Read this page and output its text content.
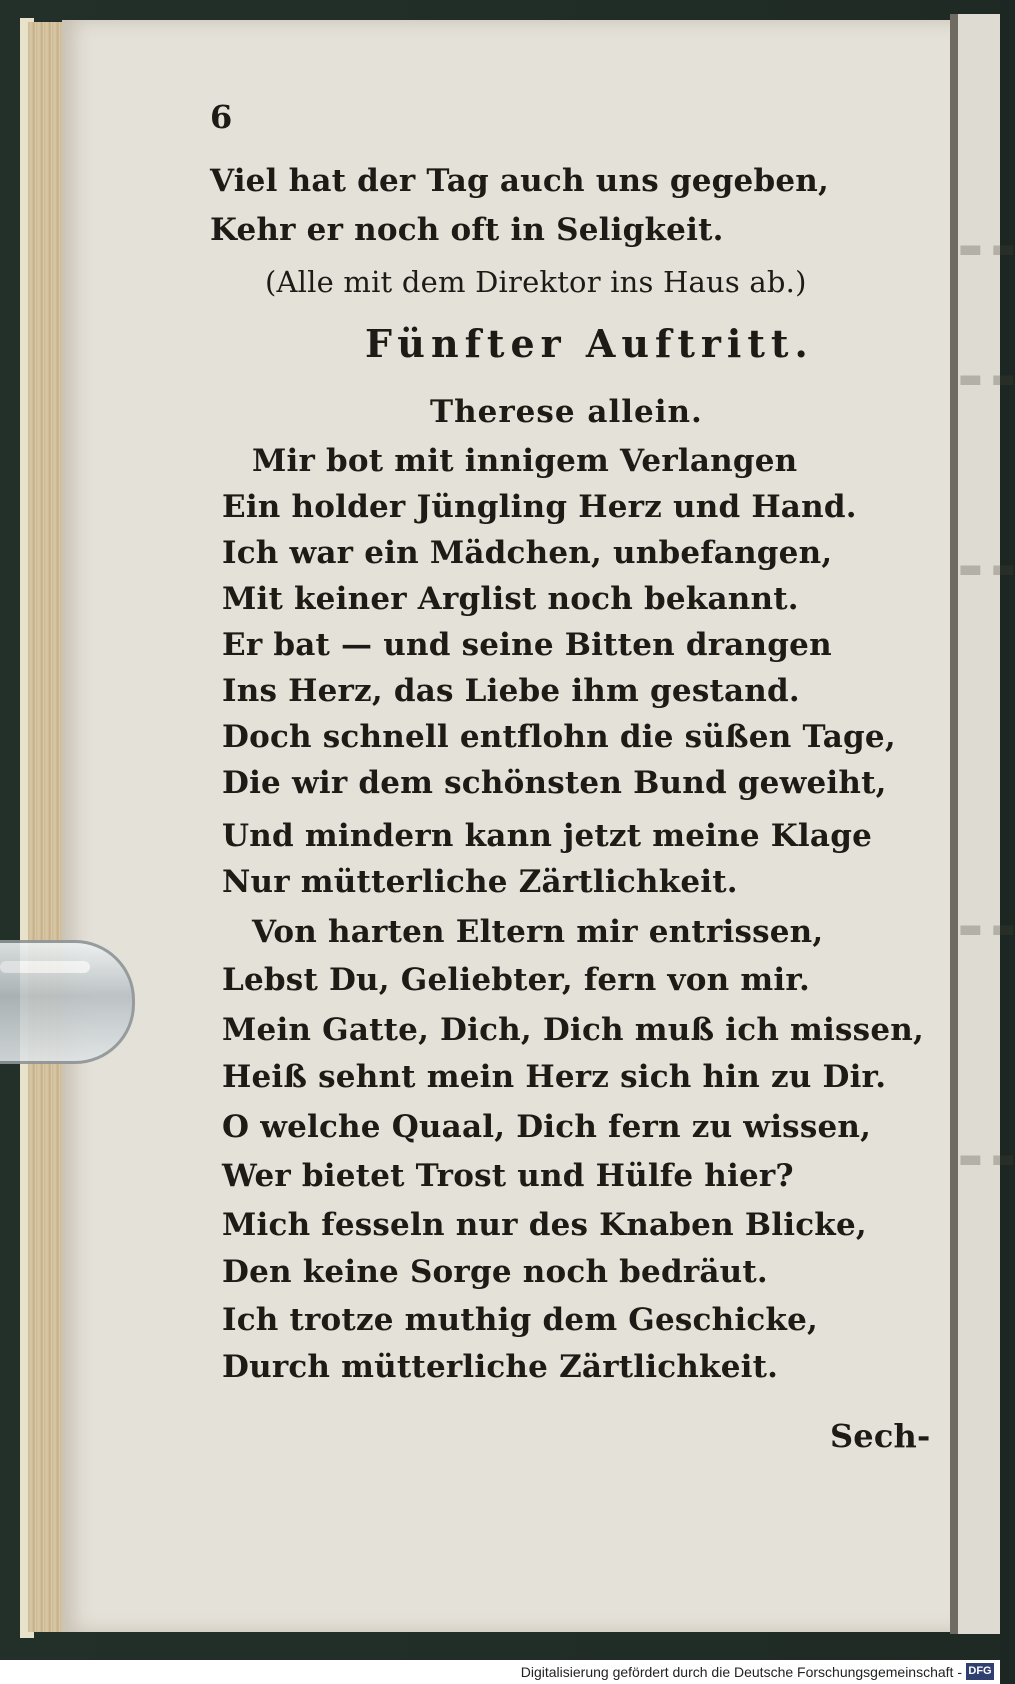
▬ ▬
▬ ▬
▬ ▬
▬ ▬
▬ ▬

6

Viel hat der Tag auch uns gegeben,

Kehr er noch oft in Seligkeit.

(Alle mit dem Direktor ins Haus ab.)

Fünfter Auftritt.

Therese allein.

Mir bot mit innigem Verlangen

Ein holder Jüngling Herz und Hand.

Ich war ein Mädchen, unbefangen,

Mit keiner Arglist noch bekannt.

Er bat — und seine Bitten drangen

Ins Herz, das Liebe ihm gestand.

Doch schnell entflohn die süßen Tage,

Die wir dem schönsten Bund geweiht,

Und mindern kann jetzt meine Klage

Nur mütterliche Zärtlichkeit.

Von harten Eltern mir entrissen,

Lebst Du, Geliebter, fern von mir.

Mein Gatte, Dich, Dich muß ich missen,

Heiß sehnt mein Herz sich hin zu Dir.

O welche Quaal, Dich fern zu wissen,

Wer bietet Trost und Hülfe hier?

Mich fesseln nur des Knaben Blicke,

Den keine Sorge noch bedräut.

Ich trotze muthig dem Geschicke,

Durch mütterliche Zärtlichkeit.

Sech-

Digitalisierung gefördert durch die Deutsche Forschungsgemeinschaft - DFG
